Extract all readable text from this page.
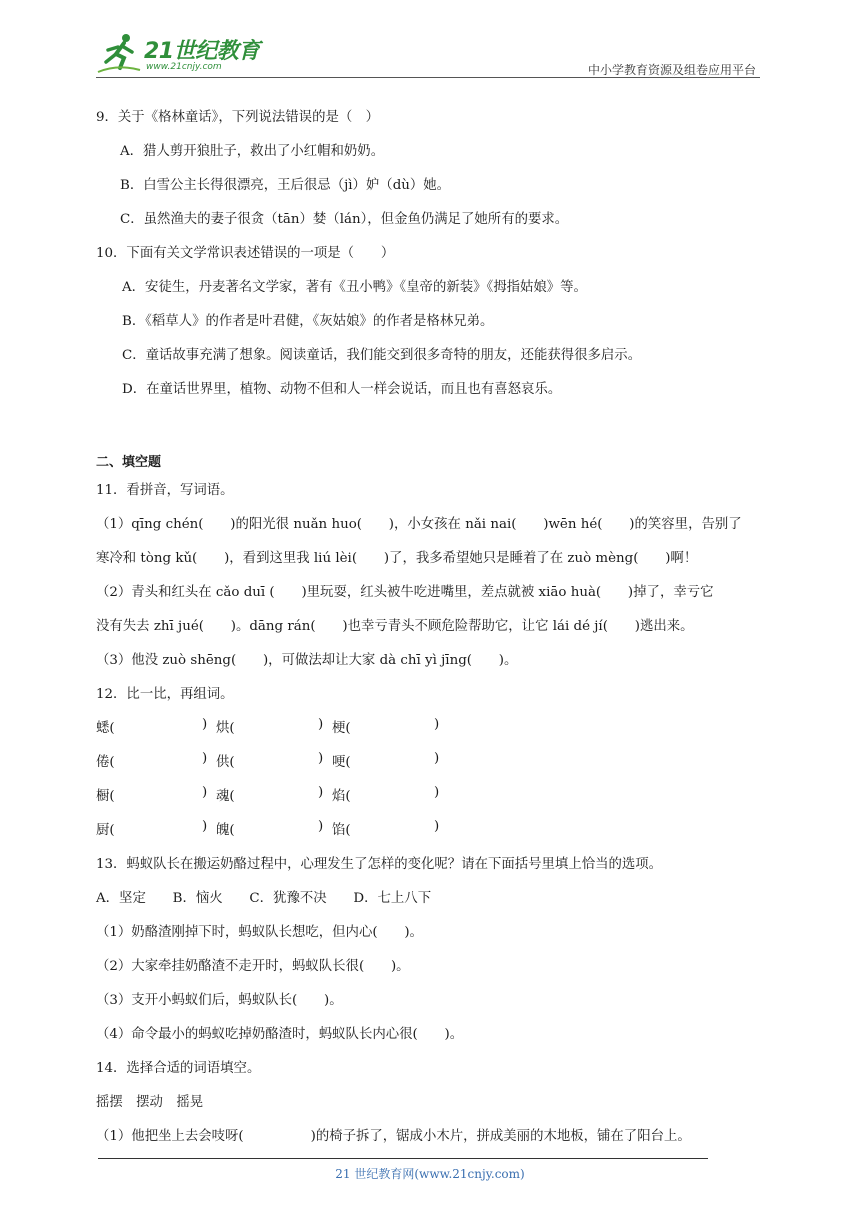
21世纪教育
www.21cnjy.com	中小学教育资源及组卷应用平台
9．关于《格林童话》，下列说法错误的是（　）
A．猎人剪开狼肚子，救出了小红帽和奶奶。
B．白雪公主长得很漂亮，王后很忌（jì）妒（dù）她。
C．虽然渔夫的妻子很贪（tān）婪（lán），但金鱼仍满足了她所有的要求。
10．下面有关文学常识表述错误的一项是（　　）
A．安徒生，丹麦著名文学家，著有《丑小鸭》《皇帝的新装》《拇指姑娘》等。
B．《稻草人》的作者是叶君健，《灰姑娘》的作者是格林兄弟。
C．童话故事充满了想象。阅读童话，我们能交到很多奇特的朋友，还能获得很多启示。
D．在童话世界里，植物、动物不但和人一样会说话，而且也有喜怒哀乐。
二、填空题
11．看拼音，写词语。
（1）qīng chén(　　)的阳光很 nuǎn huo(　　)，小女孩在 nǎi nai(　　)wēn hé(　　)的笑容里，告别了
寒冷和 tòng kǔ(　　)，看到这里我 liú lèi(　　)了，我多希望她只是睡着了在 zuò mèng(　　)啊！
（2）青头和红头在 cǎo duī (　　)里玩耍，红头被牛吃进嘴里，差点就被 xiāo huà(　　)掉了，幸亏它
没有失去 zhī jué(　　)。dāng rán(　　)也幸亏青头不顾危险帮助它，让它 lái dé jí(　　)逃出来。
（3）他没 zuò shēng(　　)，可做法却让大家 dà chī yì jīng(　　)。
12．比一比，再组词。
蟋(	) 烘(	) 梗(	)
倦(	) 供(	) 哽(	)
橱(	) 魂(	) 焰(	)
厨(	) 魄(	) 馅(	)
13．蚂蚁队长在搬运奶酪过程中，心理发生了怎样的变化呢？请在下面括号里填上恰当的选项。
A．坚定　　B．恼火　　C．犹豫不决　　D．七上八下
（1）奶酪渣刚掉下时，蚂蚁队长想吃，但内心(　　)。
（2）大家牵挂奶酪渣不走开时，蚂蚁队长很(　　)。
（3）支开小蚂蚁们后，蚂蚁队长(　　)。
（4）命令最小的蚂蚁吃掉奶酪渣时，蚂蚁队长内心很(　　)。
14．选择合适的词语填空。
摇摆　摆动　摇晃
（1）他把坐上去会吱呀(　　　　　)的椅子拆了，锯成小木片，拼成美丽的木地板，铺在了阳台上。
21 世纪教育网(www.21cnjy.com)
